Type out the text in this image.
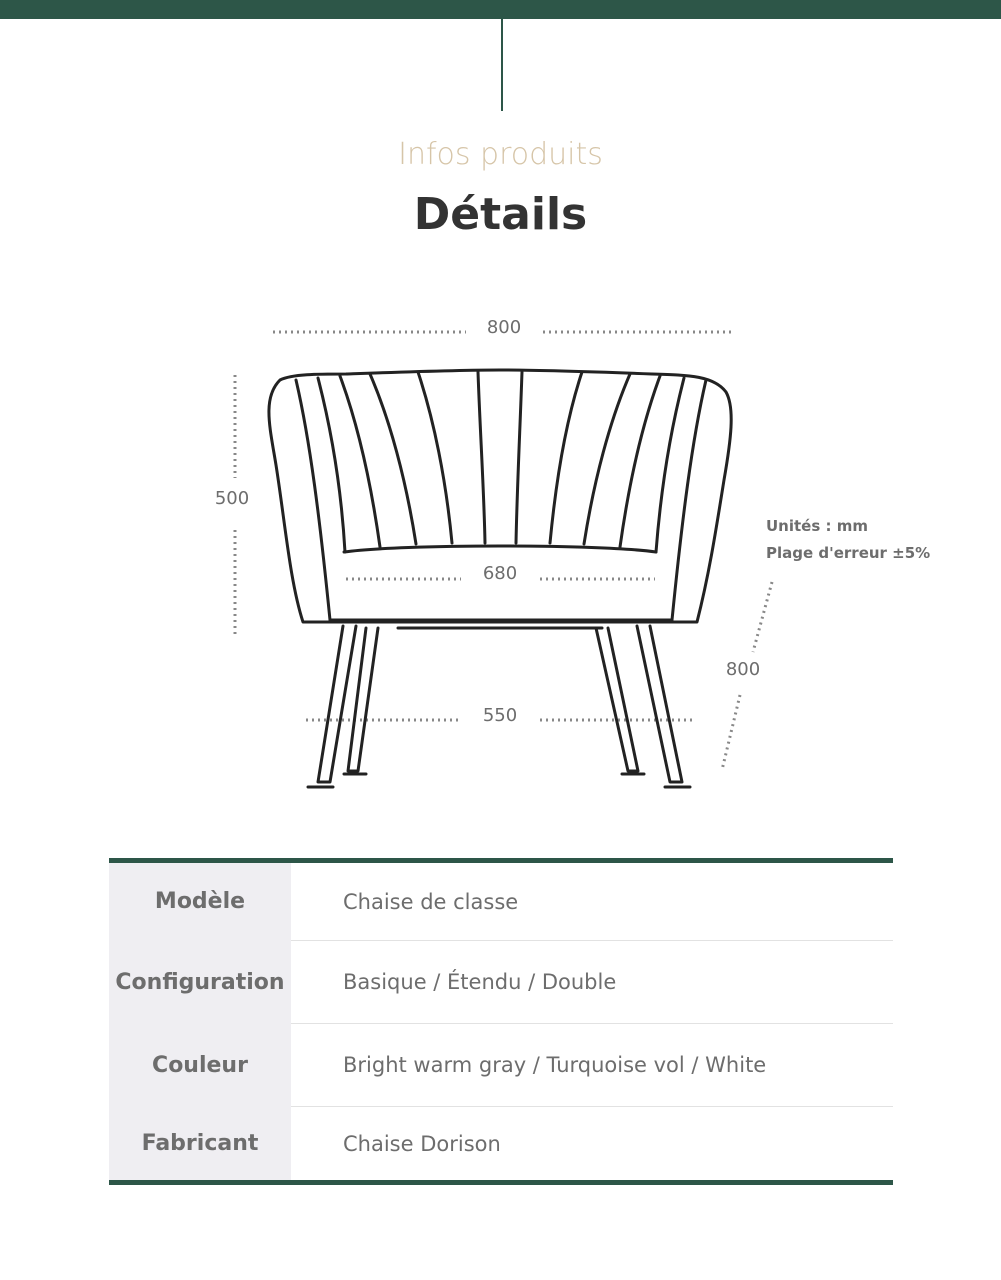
Infos produits
Détails
800
500
680
550
800
Unités : mm
Plage d'erreur ±5%
Modèle	Chaise de classe
Configuration	Basique / Étendu / Double
Couleur	Bright warm gray / Turquoise vol / White
Fabricant	Chaise Dorison
